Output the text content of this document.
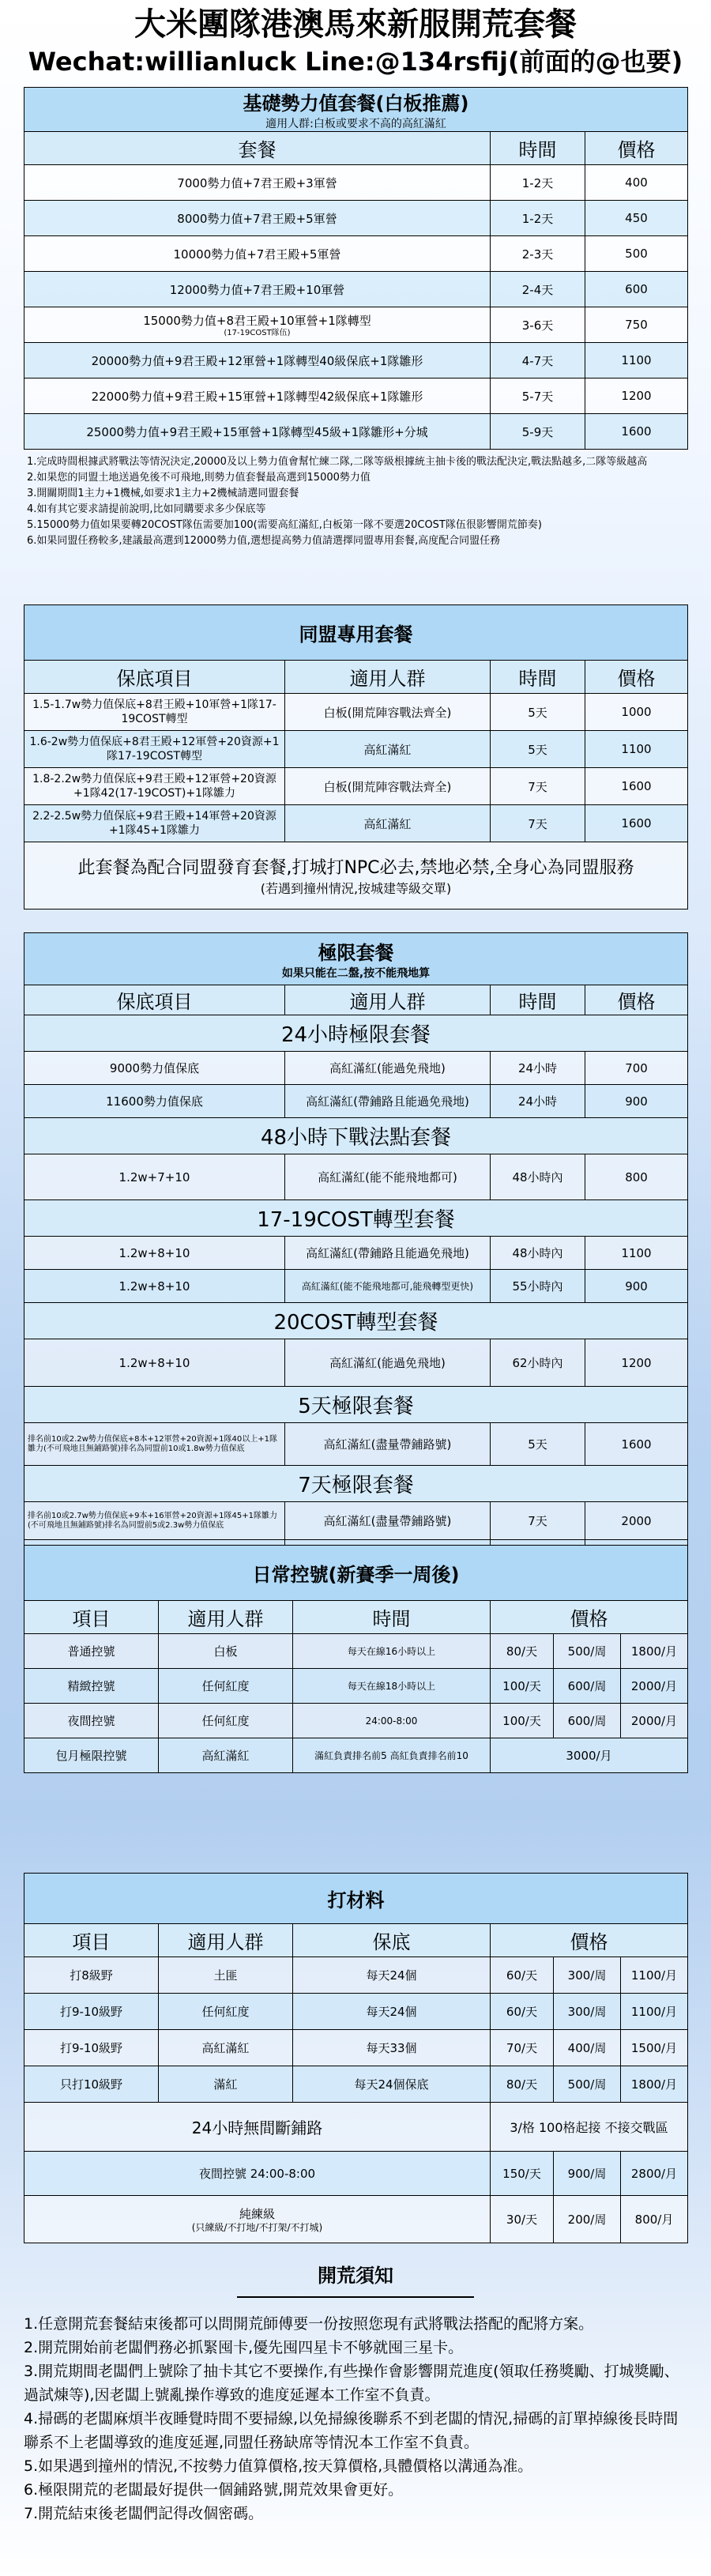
大米團隊港澳馬來新服開荒套餐
Wechat:willianluck Line:@134rsfij(前面的@也要)
基礎勢力值套餐(白板推薦)
適用人群:白板或要求不高的高紅滿紅		

套餐	時間	價格
7000勢力值+7君王殿+3軍營	1-2天	400
8000勢力值+7君王殿+5軍營	1-2天	450
10000勢力值+7君王殿+5軍營	2-3天	500
12000勢力值+7君王殿+10軍營	2-4天	600

15000勢力值+8君王殿+10軍營+1隊轉型
(17-19COST隊伍)	3-6天	750
20000勢力值+9君王殿+12軍營+1隊轉型40級保底+1隊雛形	4-7天	1100
22000勢力值+9君王殿+15軍營+1隊轉型42級保底+1隊雛形	5-7天	1200
25000勢力值+9君王殿+15軍營+1隊轉型45級+1隊雛形+分城	5-9天	1600
1.完成時間根據武將戰法等情況決定,20000及以上勢力值會幫忙練二隊,二隊等級根據統主抽卡後的戰法配決定,戰法點越多,二隊等級越高
2.如果您的同盟土地送過免後不可飛地,則勢力值套餐最高選到15000勢力值
3.開關期間1主力+1機械,如要求1主力+2機械請選同盟套餐
4.如有其它要求請提前說明,比如同購要求多少保底等
5.15000勢力值如果要轉20COST隊伍需要加100(需要高紅滿紅,白板第一隊不要選20COST隊伍很影響開荒節奏)
6.如果同盟任務較多,建議最高選到12000勢力值,選想提高勢力值請選擇同盟專用套餐,高度配合同盟任務
同盟專用套餐			
保底項目	適用人群	時間	價格
1.5-1.7w勢力值保底+8君王殿+10軍營+1隊17-19COST轉型	白板(開荒陣容戰法齊全)	5天	1000
1.6-2w勢力值保底+8君王殿+12軍營+20資源+1隊17-19COST轉型	高紅滿紅	5天	1100
1.8-2.2w勢力值保底+9君王殿+12軍營+20資源+1隊42(17-19COST)+1隊雛力	白板(開荒陣容戰法齊全)	7天	1600
2.2-2.5w勢力值保底+9君王殿+14軍營+20資源+1隊45+1隊雛力	高紅滿紅	7天	1600

此套餐為配合同盟發育套餐,打城打NPC必去,禁地必禁,全身心為同盟服務
(若遇到撞州情況,按城建等級交單)			
極限套餐
如果只能在二盤,按不能飛地算			

保底項目	適用人群	時間	價格
24小時極限套餐			
9000勢力值保底	高紅滿紅(能過免飛地)	24小時	700
11600勢力值保底	高紅滿紅(帶鋪路且能過免飛地)	24小時	900
48小時下戰法點套餐			
1.2w+7+10	高紅滿紅(能不能飛地都可)	48小時內	800
17-19COST轉型套餐			
1.2w+8+10	高紅滿紅(帶鋪路且能過免飛地)	48小時內	1100
1.2w+8+10	高紅滿紅(能不能飛地都可,能飛轉型更快)	55小時內	900
20COST轉型套餐			
1.2w+8+10	高紅滿紅(能過免飛地)	62小時內	1200
5天極限套餐			
排名前10或2.2w勢力值保底+8本+12軍營+20資源+1隊40以上+1隊雛力(不可飛地且無鋪路號)排名為同盟前10或1.8w勢力值保底	高紅滿紅(盡量帶鋪路號)	5天	1600
7天極限套餐			
排名前10或2.7w勢力值保底+9本+16軍營+20資源+1隊45+1隊雛力(不可飛地且無鋪路號)排名為同盟前5或2.3w勢力值保底	高紅滿紅(盡量帶鋪路號)	7天	2000

日常控號(新賽季一周後)					
項目	適用人群	時間	價格		
普通控號	白板	每天在線16小時以上	80/天	500/周	1800/月
精緻控號	任何紅度	每天在線18小時以上	100/天	600/周	2000/月
夜間控號	任何紅度	24:00-8:00	100/天	600/周	2000/月
包月極限控號	高紅滿紅	滿紅負責排名前5 高紅負責排名前10	3000/月		
打材料					
項目	適用人群	保底	價格		
打8級野	土匪	每天24個	60/天	300/周	1100/月
打9-10級野	任何紅度	每天24個	60/天	300/周	1100/月
打9-10級野	高紅滿紅	每天33個	70/天	400/周	1500/月
只打10級野	滿紅	每天24個保底	80/天	500/周	1800/月
24小時無間斷鋪路			3/格 100格起接 不接交戰區		
夜間控號 24:00-8:00			150/天	900/周	2800/月

純練級
(只練級/不打地/不打架/不打城)			30/天	200/周	800/月
開荒須知

1.任意開荒套餐結束後都可以問開荒師傅要一份按照您現有武將戰法搭配的配將方案。

2.開荒開始前老闆們務必抓緊囤卡,優先囤四星卡不够就囤三星卡。

3.開荒期間老闆們上號除了抽卡其它不要操作,有些操作會影響開荒進度(領取任務獎勵、打城獎勵、過試煉等),因老闆上號亂操作導致的進度延遲本工作室不負責。

4.掃碼的老闆麻煩半夜睡覺時間不要掃線,以免掃線後聯系不到老闆的情況,掃碼的訂單掉線後長時間聯系不上老闆導致的進度延遲,同盟任務缺席等情況本工作室不負責。

5.如果遇到撞州的情況,不按勢力值算價格,按天算價格,具體價格以溝通為准。

6.極限開荒的老闆最好提供一個鋪路號,開荒效果會更好。

7.開荒結束後老闆們記得改個密碼。
